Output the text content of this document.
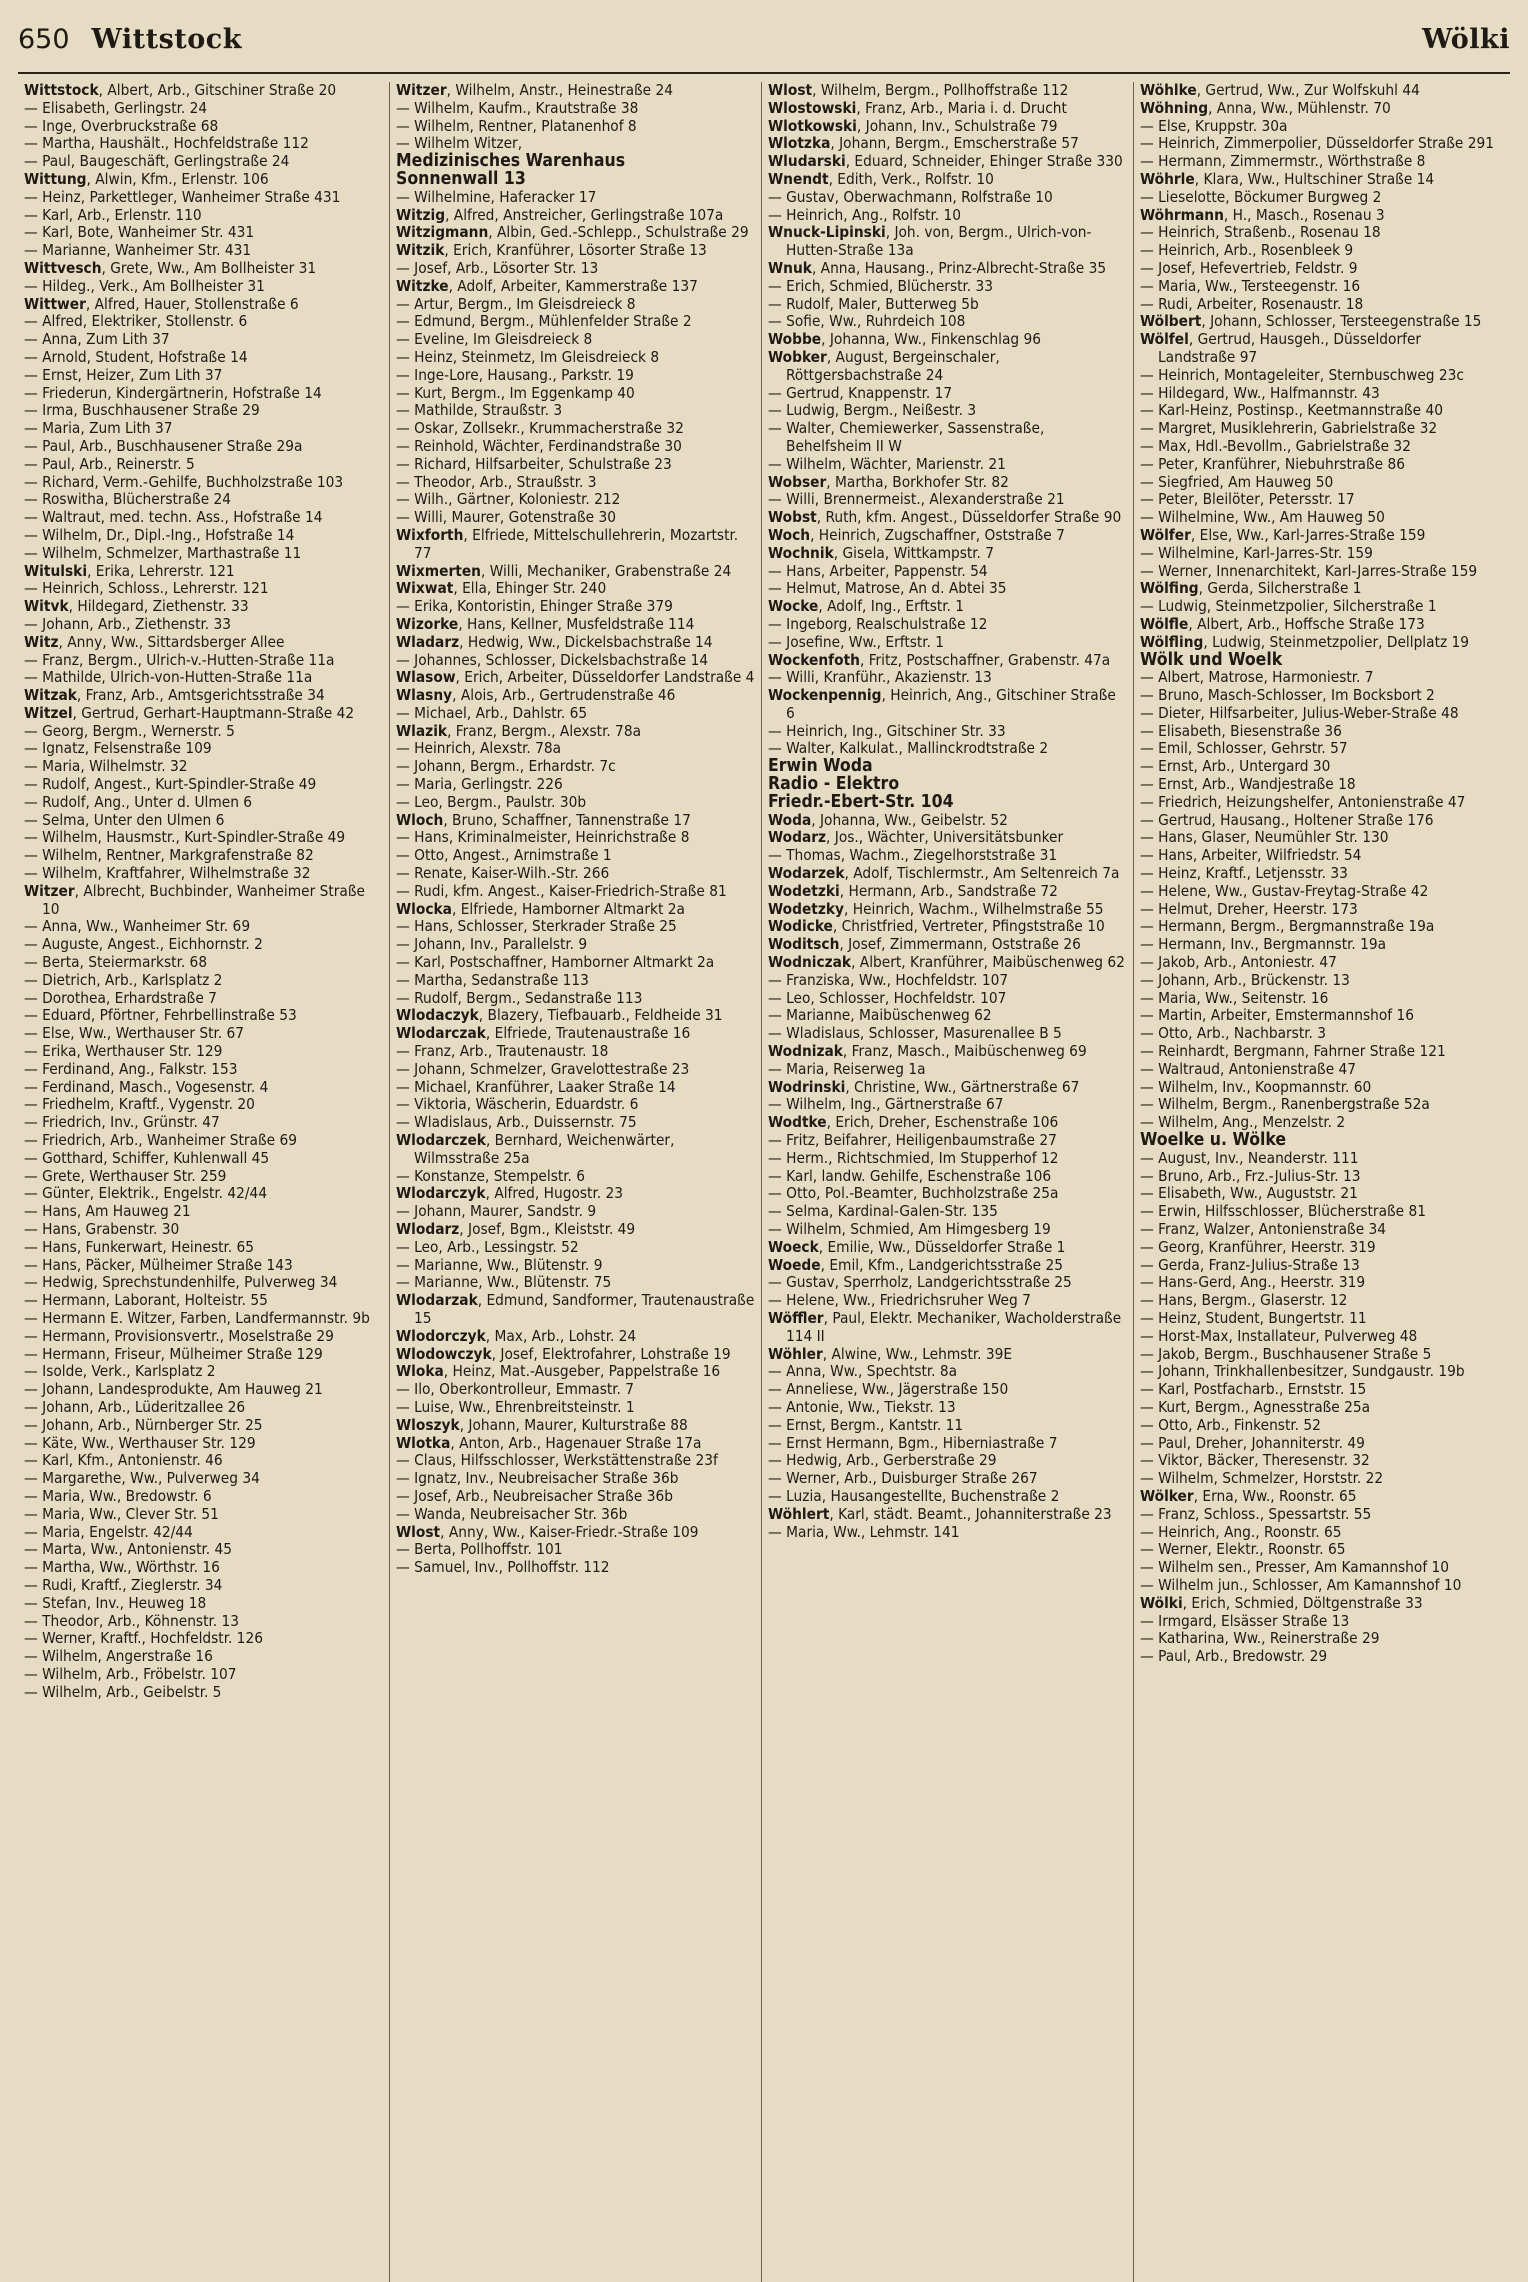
650 Wittstock	Wölki
Wittstock, Albert, Arb., Gitschiner Straße 20
— Elisabeth, Gerlingstr. 24
— Inge, Overbruckstraße 68
— Martha, Haushält., Hochfeldstraße 112
— Paul, Baugeschäft, Gerlingstraße 24
Wittung, Alwin, Kfm., Erlenstr. 106
— Heinz, Parkettleger, Wanheimer Straße 431
— Karl, Arb., Erlenstr. 110
— Karl, Bote, Wanheimer Str. 431
— Marianne, Wanheimer Str. 431
Wittvesch, Grete, Ww., Am Bollheister 31
— Hildeg., Verk., Am Bollheister 31
Wittwer, Alfred, Hauer, Stollenstraße 6
— Alfred, Elektriker, Stollenstr. 6
— Anna, Zum Lith 37
— Arnold, Student, Hofstraße 14
— Ernst, Heizer, Zum Lith 37
— Friederun, Kindergärtnerin, Hofstraße 14
— Irma, Buschhausener Straße 29
— Maria, Zum Lith 37
— Paul, Arb., Buschhausener Straße 29a
— Paul, Arb., Reinerstr. 5
— Richard, Verm.-Gehilfe, Buchholzstraße 103
— Roswitha, Blücherstraße 24
— Waltraut, med. techn. Ass., Hofstraße 14
— Wilhelm, Dr., Dipl.-Ing., Hofstraße 14
— Wilhelm, Schmelzer, Marthastraße 11
Witulski, Erika, Lehrerstr. 121
— Heinrich, Schloss., Lehrerstr. 121
Witvk, Hildegard, Ziethenstr. 33
— Johann, Arb., Ziethenstr. 33
Witz, Anny, Ww., Sittardsberger Allee
— Franz, Bergm., Ulrich-v.-Hutten-Straße 11a
— Mathilde, Ulrich-von-Hutten-Straße 11a
Witzak, Franz, Arb., Amtsgerichtsstraße 34
Witzel, Gertrud, Gerhart-Hauptmann-Straße 42
— Georg, Bergm., Wernerstr. 5
— Ignatz, Felsenstraße 109
— Maria, Wilhelmstr. 32
— Rudolf, Angest., Kurt-Spindler-Straße 49
— Rudolf, Ang., Unter d. Ulmen 6
— Selma, Unter den Ulmen 6
— Wilhelm, Hausmstr., Kurt-Spindler-Straße 49
— Wilhelm, Rentner, Markgrafenstraße 82
— Wilhelm, Kraftfahrer, Wilhelmstraße 32
Witzer, Albrecht, Buchbinder, Wanheimer Straße 10
— Anna, Ww., Wanheimer Str. 69
— Auguste, Angest., Eichhornstr. 2
— Berta, Steiermarkstr. 68
— Dietrich, Arb., Karlsplatz 2
— Dorothea, Erhardstraße 7
— Eduard, Pförtner, Fehrbellinstraße 53
— Else, Ww., Werthauser Str. 67
— Erika, Werthauser Str. 129
— Ferdinand, Ang., Falkstr. 153
— Ferdinand, Masch., Vogesenstr. 4
— Friedhelm, Kraftf., Vygenstr. 20
— Friedrich, Inv., Grünstr. 47
— Friedrich, Arb., Wanheimer Straße 69
— Gotthard, Schiffer, Kuhlenwall 45
— Grete, Werthauser Str. 259
— Günter, Elektrik., Engelstr. 42/44
— Hans, Am Hauweg 21
— Hans, Grabenstr. 30
— Hans, Funkerwart, Heinestr. 65
— Hans, Päcker, Mülheimer Straße 143
— Hedwig, Sprechstundenhilfe, Pulverweg 34
— Hermann, Laborant, Holteistr. 55
— Hermann E. Witzer, Farben, Landfermannstr. 9b
— Hermann, Provisionsvertr., Moselstraße 29
— Hermann, Friseur, Mülheimer Straße 129
— Isolde, Verk., Karlsplatz 2
— Johann, Landesprodukte, Am Hauweg 21
— Johann, Arb., Lüderitzallee 26
— Johann, Arb., Nürnberger Str. 25
— Käte, Ww., Werthauser Str. 129
— Karl, Kfm., Antonienstr. 46
— Margarethe, Ww., Pulverweg 34
— Maria, Ww., Bredowstr. 6
— Maria, Ww., Clever Str. 51
— Maria, Engelstr. 42/44
— Marta, Ww., Antonienstr. 45
— Martha, Ww., Wörthstr. 16
— Rudi, Kraftf., Zieglerstr. 34
— Stefan, Inv., Heuweg 18
— Theodor, Arb., Köhnenstr. 13
— Werner, Kraftf., Hochfeldstr. 126
— Wilhelm, Angerstraße 16
— Wilhelm, Arb., Fröbelstr. 107
— Wilhelm, Arb., Geibelstr. 5
Witzer, Wilhelm, Anstr., Heinestraße 24
— Wilhelm, Kaufm., Krautstraße 38
— Wilhelm, Rentner, Platanenhof 8
— Wilhelm Witzer,
Medizinisches Warenhaus
Sonnenwall 13
— Wilhelmine, Haferacker 17
Witzig, Alfred, Anstreicher, Gerlingstraße 107a
Witzigmann, Albin, Ged.-Schlepp., Schulstraße 29
Witzik, Erich, Kranführer, Lösorter Straße 13
— Josef, Arb., Lösorter Str. 13
Witzke, Adolf, Arbeiter, Kammerstraße 137
— Artur, Bergm., Im Gleisdreieck 8
— Edmund, Bergm., Mühlenfelder Straße 2
— Eveline, Im Gleisdreieck 8
— Heinz, Steinmetz, Im Gleisdreieck 8
— Inge-Lore, Hausang., Parkstr. 19
— Kurt, Bergm., Im Eggenkamp 40
— Mathilde, Straußstr. 3
— Oskar, Zollsekr., Krummacherstraße 32
— Reinhold, Wächter, Ferdinandstraße 30
— Richard, Hilfsarbeiter, Schulstraße 23
— Theodor, Arb., Straußstr. 3
— Wilh., Gärtner, Koloniestr. 212
— Willi, Maurer, Gotenstraße 30
Wixforth, Elfriede, Mittelschullehrerin, Mozartstr. 77
Wixmerten, Willi, Mechaniker, Grabenstraße 24
Wixwat, Ella, Ehinger Str. 240
— Erika, Kontoristin, Ehinger Straße 379
Wizorke, Hans, Kellner, Musfeldstraße 114
Wladarz, Hedwig, Ww., Dickelsbachstraße 14
— Johannes, Schlosser, Dickelsbachstraße 14
Wlasow, Erich, Arbeiter, Düsseldorfer Landstraße 4
Wlasny, Alois, Arb., Gertrudenstraße 46
— Michael, Arb., Dahlstr. 65
Wlazik, Franz, Bergm., Alexstr. 78a
— Heinrich, Alexstr. 78a
— Johann, Bergm., Erhardstr. 7c
— Maria, Gerlingstr. 226
— Leo, Bergm., Paulstr. 30b
Wloch, Bruno, Schaffner, Tannenstraße 17
— Hans, Kriminalmeister, Heinrichstraße 8
— Otto, Angest., Arnimstraße 1
— Renate, Kaiser-Wilh.-Str. 266
— Rudi, kfm. Angest., Kaiser-Friedrich-Straße 81
Wlocka, Elfriede, Hamborner Altmarkt 2a
— Hans, Schlosser, Sterkrader Straße 25
— Johann, Inv., Parallelstr. 9
— Karl, Postschaffner, Hamborner Altmarkt 2a
— Martha, Sedanstraße 113
— Rudolf, Bergm., Sedanstraße 113
Wlodaczyk, Blazery, Tiefbauarb., Feldheide 31
Wlodarczak, Elfriede, Trautenaustraße 16
— Franz, Arb., Trautenaustr. 18
— Johann, Schmelzer, Gravelottestraße 23
— Michael, Kranführer, Laaker Straße 14
— Viktoria, Wäscherin, Eduardstr. 6
— Wladislaus, Arb., Duissernstr. 75
Wlodarczek, Bernhard, Weichenwärter, Wilmsstraße 25a
— Konstanze, Stempelstr. 6
Wlodarczyk, Alfred, Hugostr. 23
— Johann, Maurer, Sandstr. 9
Wlodarz, Josef, Bgm., Kleiststr. 49
— Leo, Arb., Lessingstr. 52
— Marianne, Ww., Blütenstr. 9
— Marianne, Ww., Blütenstr. 75
Wlodarzak, Edmund, Sandformer, Trautenaustraße 15
Wlodorczyk, Max, Arb., Lohstr. 24
Wlodowczyk, Josef, Elektrofahrer, Lohstraße 19
Wloka, Heinz, Mat.-Ausgeber, Pappelstraße 16
— Ilo, Oberkontrolleur, Emmastr. 7
— Luise, Ww., Ehrenbreitsteinstr. 1
Wloszyk, Johann, Maurer, Kulturstraße 88
Wlotka, Anton, Arb., Hagenauer Straße 17a
— Claus, Hilfsschlosser, Werkstättenstraße 23f
— Ignatz, Inv., Neubreisacher Straße 36b
— Josef, Arb., Neubreisacher Straße 36b
— Wanda, Neubreisacher Str. 36b
Wlost, Anny, Ww., Kaiser-Friedr.-Straße 109
— Berta, Pollhoffstr. 101
— Samuel, Inv., Pollhoffstr. 112
Wlost, Wilhelm, Bergm., Pollhoffstraße 112
Wlostowski, Franz, Arb., Maria i. d. Drucht
Wlotkowski, Johann, Inv., Schulstraße 79
Wlotzka, Johann, Bergm., Emscherstraße 57
Wludarski, Eduard, Schneider, Ehinger Straße 330
Wnendt, Edith, Verk., Rolfstr. 10
— Gustav, Oberwachmann, Rolfstraße 10
— Heinrich, Ang., Rolfstr. 10
Wnuck-Lipinski, Joh. von, Bergm., Ulrich-von-Hutten-Straße 13a
Wnuk, Anna, Hausang., Prinz-Albrecht-Straße 35
— Erich, Schmied, Blücherstr. 33
— Rudolf, Maler, Butterweg 5b
— Sofie, Ww., Ruhrdeich 108
Wobbe, Johanna, Ww., Finkenschlag 96
Wobker, August, Bergeinschaler, Röttgersbachstraße 24
— Gertrud, Knappenstr. 17
— Ludwig, Bergm., Neißestr. 3
— Walter, Chemiewerker, Sassenstraße, Behelfsheim II W
— Wilhelm, Wächter, Marienstr. 21
Wobser, Martha, Borkhofer Str. 82
— Willi, Brennermeist., Alexanderstraße 21
Wobst, Ruth, kfm. Angest., Düsseldorfer Straße 90
Woch, Heinrich, Zugschaffner, Oststraße 7
Wochnik, Gisela, Wittkampstr. 7
— Hans, Arbeiter, Pappenstr. 54
— Helmut, Matrose, An d. Abtei 35
Wocke, Adolf, Ing., Erftstr. 1
— Ingeborg, Realschulstraße 12
— Josefine, Ww., Erftstr. 1
Wockenfoth, Fritz, Postschaffner, Grabenstr. 47a
— Willi, Kranführ., Akazienstr. 13
Wockenpennig, Heinrich, Ang., Gitschiner Straße 6
— Heinrich, Ing., Gitschiner Str. 33
— Walter, Kalkulat., Mallinckrodtstraße 2
Erwin Woda
Radio - Elektro
Friedr.-Ebert-Str. 104
Woda, Johanna, Ww., Geibelstr. 52
Wodarz, Jos., Wächter, Universitätsbunker
— Thomas, Wachm., Ziegelhorststraße 31
Wodarzek, Adolf, Tischlermstr., Am Seltenreich 7a
Wodetzki, Hermann, Arb., Sandstraße 72
Wodetzky, Heinrich, Wachm., Wilhelmstraße 55
Wodicke, Christfried, Vertreter, Pfingststraße 10
Woditsch, Josef, Zimmermann, Oststraße 26
Wodniczak, Albert, Kranführer, Maibüschenweg 62
— Franziska, Ww., Hochfeldstr. 107
— Leo, Schlosser, Hochfeldstr. 107
— Marianne, Maibüschenweg 62
— Wladislaus, Schlosser, Masurenallee B 5
Wodnizak, Franz, Masch., Maibüschenweg 69
— Maria, Reiserweg 1a
Wodrinski, Christine, Ww., Gärtnerstraße 67
— Wilhelm, Ing., Gärtnerstraße 67
Wodtke, Erich, Dreher, Eschenstraße 106
— Fritz, Beifahrer, Heiligenbaumstraße 27
— Herm., Richtschmied, Im Stupperhof 12
— Karl, landw. Gehilfe, Eschenstraße 106
— Otto, Pol.-Beamter, Buchholzstraße 25a
— Selma, Kardinal-Galen-Str. 135
— Wilhelm, Schmied, Am Himgesberg 19
Woeck, Emilie, Ww., Düsseldorfer Straße 1
Woede, Emil, Kfm., Landgerichtsstraße 25
— Gustav, Sperrholz, Landgerichtsstraße 25
— Helene, Ww., Friedrichsruher Weg 7
Wöffler, Paul, Elektr. Mechaniker, Wacholderstraße 114 II
Wöhler, Alwine, Ww., Lehmstr. 39E
— Anna, Ww., Spechtstr. 8a
— Anneliese, Ww., Jägerstraße 150
— Antonie, Ww., Tiekstr. 13
— Ernst, Bergm., Kantstr. 11
— Ernst Hermann, Bgm., Hiberniastraße 7
— Hedwig, Arb., Gerberstraße 29
— Werner, Arb., Duisburger Straße 267
— Luzia, Hausangestellte, Buchenstraße 2
Wöhlert, Karl, städt. Beamt., Johanniterstraße 23
— Maria, Ww., Lehmstr. 141
Wöhlke, Gertrud, Ww., Zur Wolfskuhl 44
Wöhning, Anna, Ww., Mühlenstr. 70
— Else, Kruppstr. 30a
— Heinrich, Zimmerpolier, Düsseldorfer Straße 291
— Hermann, Zimmermstr., Wörthstraße 8
Wöhrle, Klara, Ww., Hultschiner Straße 14
— Lieselotte, Böckumer Burgweg 2
Wöhrmann, H., Masch., Rosenau 3
— Heinrich, Straßenb., Rosenau 18
— Heinrich, Arb., Rosenbleek 9
— Josef, Hefevertrieb, Feldstr. 9
— Maria, Ww., Tersteegenstr. 16
— Rudi, Arbeiter, Rosenaustr. 18
Wölbert, Johann, Schlosser, Tersteegenstraße 15
Wölfel, Gertrud, Hausgeh., Düsseldorfer Landstraße 97
— Heinrich, Montageleiter, Sternbuschweg 23c
— Hildegard, Ww., Halfmannstr. 43
— Karl-Heinz, Postinsp., Keetmannstraße 40
— Margret, Musiklehrerin, Gabrielstraße 32
— Max, Hdl.-Bevollm., Gabrielstraße 32
— Peter, Kranführer, Niebuhrstraße 86
— Siegfried, Am Hauweg 50
— Peter, Bleilöter, Petersstr. 17
— Wilhelmine, Ww., Am Hauweg 50
Wölfer, Else, Ww., Karl-Jarres-Straße 159
— Wilhelmine, Karl-Jarres-Str. 159
— Werner, Innenarchitekt, Karl-Jarres-Straße 159
Wölfing, Gerda, Silcherstraße 1
— Ludwig, Steinmetzpolier, Silcherstraße 1
Wölfle, Albert, Arb., Hoffsche Straße 173
Wölfling, Ludwig, Steinmetzpolier, Dellplatz 19
Wölk und Woelk
— Albert, Matrose, Harmoniestr. 7
— Bruno, Masch-Schlosser, Im Bocksbort 2
— Dieter, Hilfsarbeiter, Julius-Weber-Straße 48
— Elisabeth, Biesenstraße 36
— Emil, Schlosser, Gehrstr. 57
— Ernst, Arb., Untergard 30
— Ernst, Arb., Wandjestraße 18
— Friedrich, Heizungshelfer, Antonienstraße 47
— Gertrud, Hausang., Holtener Straße 176
— Hans, Glaser, Neumühler Str. 130
— Hans, Arbeiter, Wilfriedstr. 54
— Heinz, Kraftf., Letjensstr. 33
— Helene, Ww., Gustav-Freytag-Straße 42
— Helmut, Dreher, Heerstr. 173
— Hermann, Bergm., Bergmannstraße 19a
— Hermann, Inv., Bergmannstr. 19a
— Jakob, Arb., Antoniestr. 47
— Johann, Arb., Brückenstr. 13
— Maria, Ww., Seitenstr. 16
— Martin, Arbeiter, Emstermannshof 16
— Otto, Arb., Nachbarstr. 3
— Reinhardt, Bergmann, Fahrner Straße 121
— Waltraud, Antonienstraße 47
— Wilhelm, Inv., Koopmannstr. 60
— Wilhelm, Bergm., Ranenbergstraße 52a
— Wilhelm, Ang., Menzelstr. 2
Woelke u. Wölke
— August, Inv., Neanderstr. 111
— Bruno, Arb., Frz.-Julius-Str. 13
— Elisabeth, Ww., Auguststr. 21
— Erwin, Hilfsschlosser, Blücherstraße 81
— Franz, Walzer, Antonienstraße 34
— Georg, Kranführer, Heerstr. 319
— Gerda, Franz-Julius-Straße 13
— Hans-Gerd, Ang., Heerstr. 319
— Hans, Bergm., Glaserstr. 12
— Heinz, Student, Bungertstr. 11
— Horst-Max, Installateur, Pulverweg 48
— Jakob, Bergm., Buschhausener Straße 5
— Johann, Trinkhallenbesitzer, Sundgaustr. 19b
— Karl, Postfacharb., Ernststr. 15
— Kurt, Bergm., Agnesstraße 25a
— Otto, Arb., Finkenstr. 52
— Paul, Dreher, Johanniterstr. 49
— Viktor, Bäcker, Theresenstr. 32
— Wilhelm, Schmelzer, Horststr. 22
Wölker, Erna, Ww., Roonstr. 65
— Franz, Schloss., Spessartstr. 55
— Heinrich, Ang., Roonstr. 65
— Werner, Elektr., Roonstr. 65
— Wilhelm sen., Presser, Am Kamannshof 10
— Wilhelm jun., Schlosser, Am Kamannshof 10
Wölki, Erich, Schmied, Döltgenstraße 33
— Irmgard, Elsässer Straße 13
— Katharina, Ww., Reinerstraße 29
— Paul, Arb., Bredowstr. 29
